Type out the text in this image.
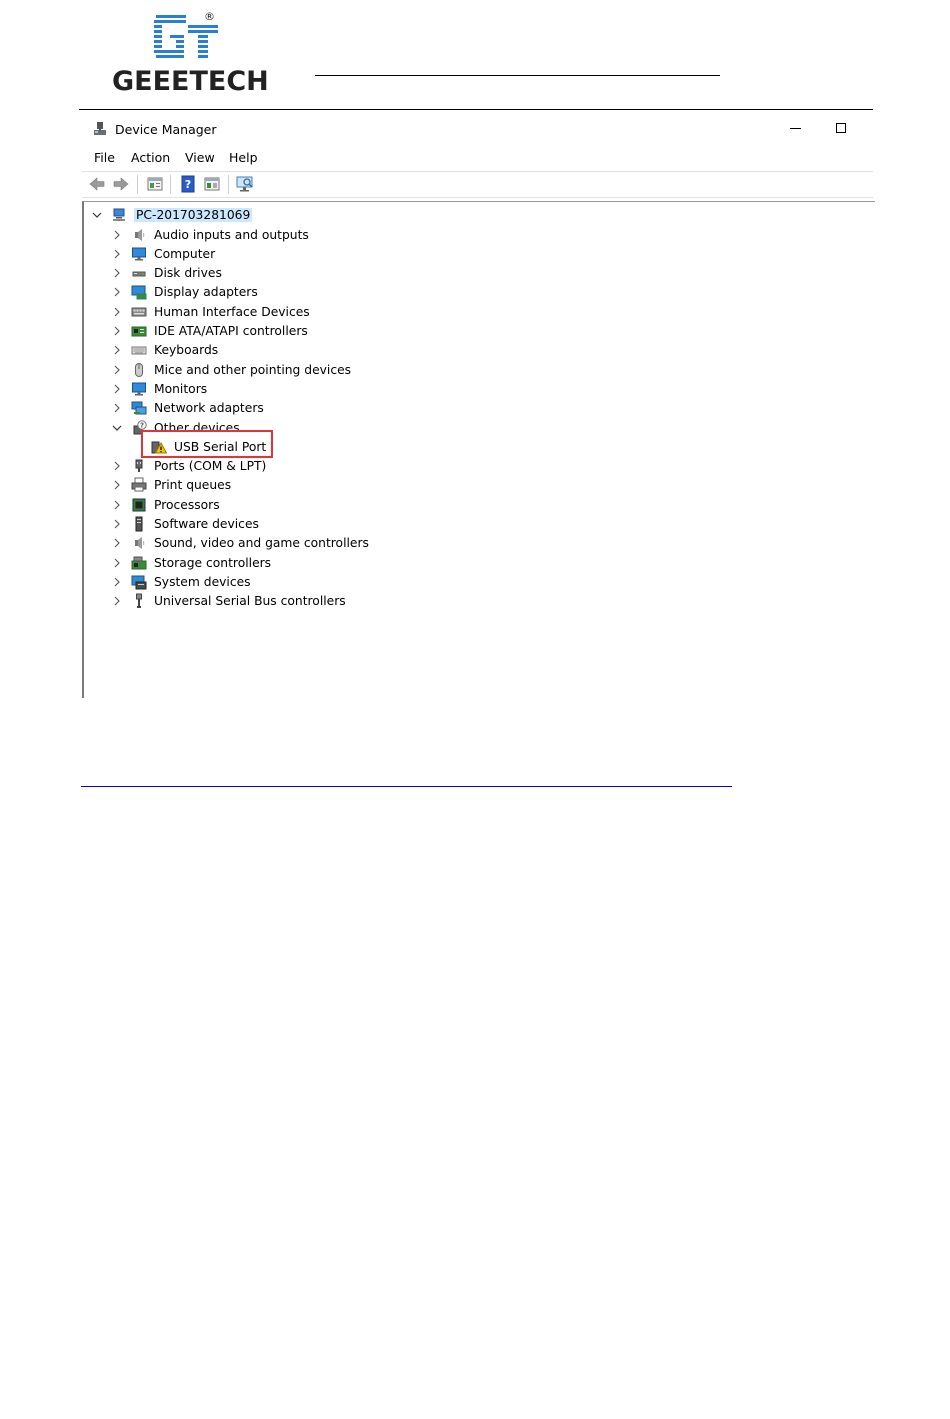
®
GEEETECH
Device Manager
File Action View Help
?
PC-201703281069
Audio inputs and outputs
Computer
Disk drives
Display adapters
Human Interface Devices
IDE ATA/ATAPI controllers
Keyboards
Mice and other pointing devices
Monitors
Network adapters
? Other devices
USB Serial Port
Ports (COM & LPT)
Print queues
Processors
Software devices
Sound, video and game controllers
Storage controllers
System devices
Universal Serial Bus controllers
